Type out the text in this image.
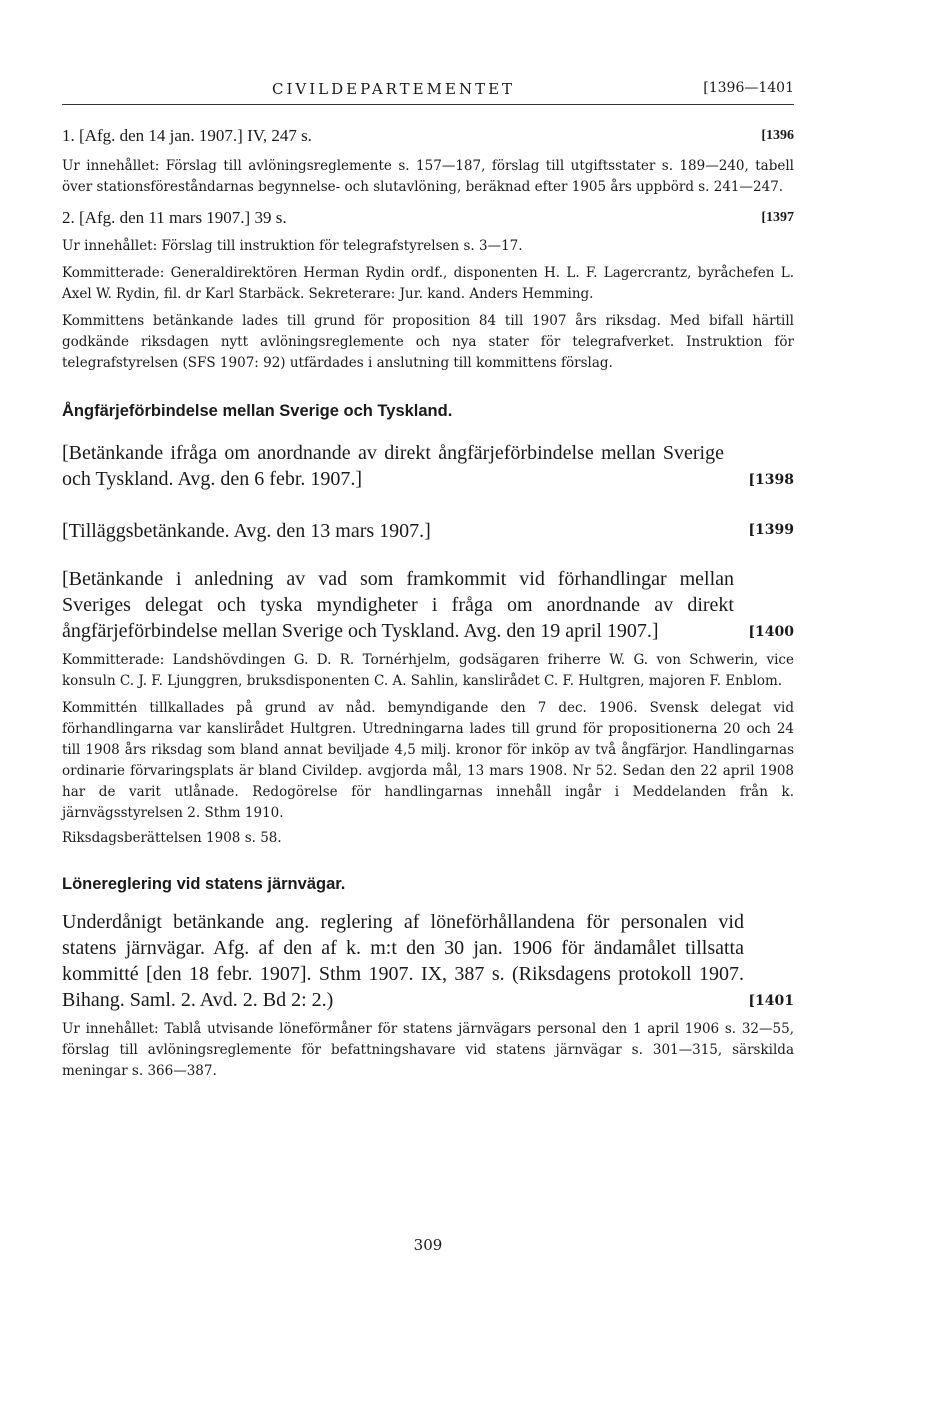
CIVILDEPARTEMENTET	[1396—1401
1. [Afg. den 14 jan. 1907.] IV, 247 s.	[1396

Ur innehållet: Förslag till avlöningsreglemente s. 157—187, förslag till utgiftsstater s. 189—240, tabell över stationsföreståndarnas begynnelse- och slutavlöning, beräknad efter 1905 års uppbörd s. 241—247.

2. [Afg. den 11 mars 1907.] 39 s.	[1397

Ur innehållet: Förslag till instruktion för telegrafstyrelsen s. 3—17.

Kommitterade: Generaldirektören Herman Rydin ordf., disponenten H. L. F. Lagercrantz, byråchefen L. Axel W. Rydin, fil. dr Karl Starbäck. Sekreterare: Jur. kand. Anders Hemming.

Kommittens betänkande lades till grund för proposition 84 till 1907 års riksdag. Med bifall härtill godkände riksdagen nytt avlöningsreglemente och nya stater för telegrafverket. Instruktion för telegrafstyrelsen (SFS 1907: 92) utfärdades i anslutning till kommittens förslag.

Ångfärjeförbindelse mellan Sverige och Tyskland.

[Betänkande ifråga om anordnande av direkt ångfärjeförbindelse mellan Sverige och Tyskland. Avg. den 6 febr. 1907.]	[1398

[Tilläggsbetänkande. Avg. den 13 mars 1907.]	[1399

[Betänkande i anledning av vad som framkommit vid förhandlingar mellan Sveriges delegat och tyska myndigheter i fråga om anordnande av direkt ångfärjeförbindelse mellan Sverige och Tyskland. Avg. den 19 april 1907.]	[1400

Kommitterade: Landshövdingen G. D. R. Tornérhjelm, godsägaren friherre W. G. von Schwerin, vice konsuln C. J. F. Ljunggren, bruksdisponenten C. A. Sahlin, kanslirådet C. F. Hultgren, majoren F. Enblom.

Kommittén tillkallades på grund av nåd. bemyndigande den 7 dec. 1906. Svensk delegat vid förhandlingarna var kanslirådet Hultgren. Utredningarna lades till grund för propositionerna 20 och 24 till 1908 års riksdag som bland annat beviljade 4,5 milj. kronor för inköp av två ångfärjor. Handlingarnas ordinarie förvaringsplats är bland Civildep. avgjorda mål, 13 mars 1908. Nr 52. Sedan den 22 april 1908 har de varit utlånade. Redogörelse för handlingarnas innehåll ingår i Meddelanden från k. järnvägsstyrelsen 2. Sthm 1910.

Riksdagsberättelsen 1908 s. 58.

Lönereglering vid statens järnvägar.

Underdånigt betänkande ang. reglering af löneförhållandena för personalen vid statens järnvägar. Afg. af den af k. m:t den 30 jan. 1906 för ändamålet tillsatta kommitté [den 18 febr. 1907]. Sthm 1907. IX, 387 s. (Riksdagens protokoll 1907. Bihang. Saml. 2. Avd. 2. Bd 2: 2.)	[1401

Ur innehållet: Tablå utvisande löneförmåner för statens järnvägars personal den 1 april 1906 s. 32—55, förslag till avlöningsreglemente för befattningshavare vid statens järnvägar s. 301—315, särskilda meningar s. 366—387.

309
